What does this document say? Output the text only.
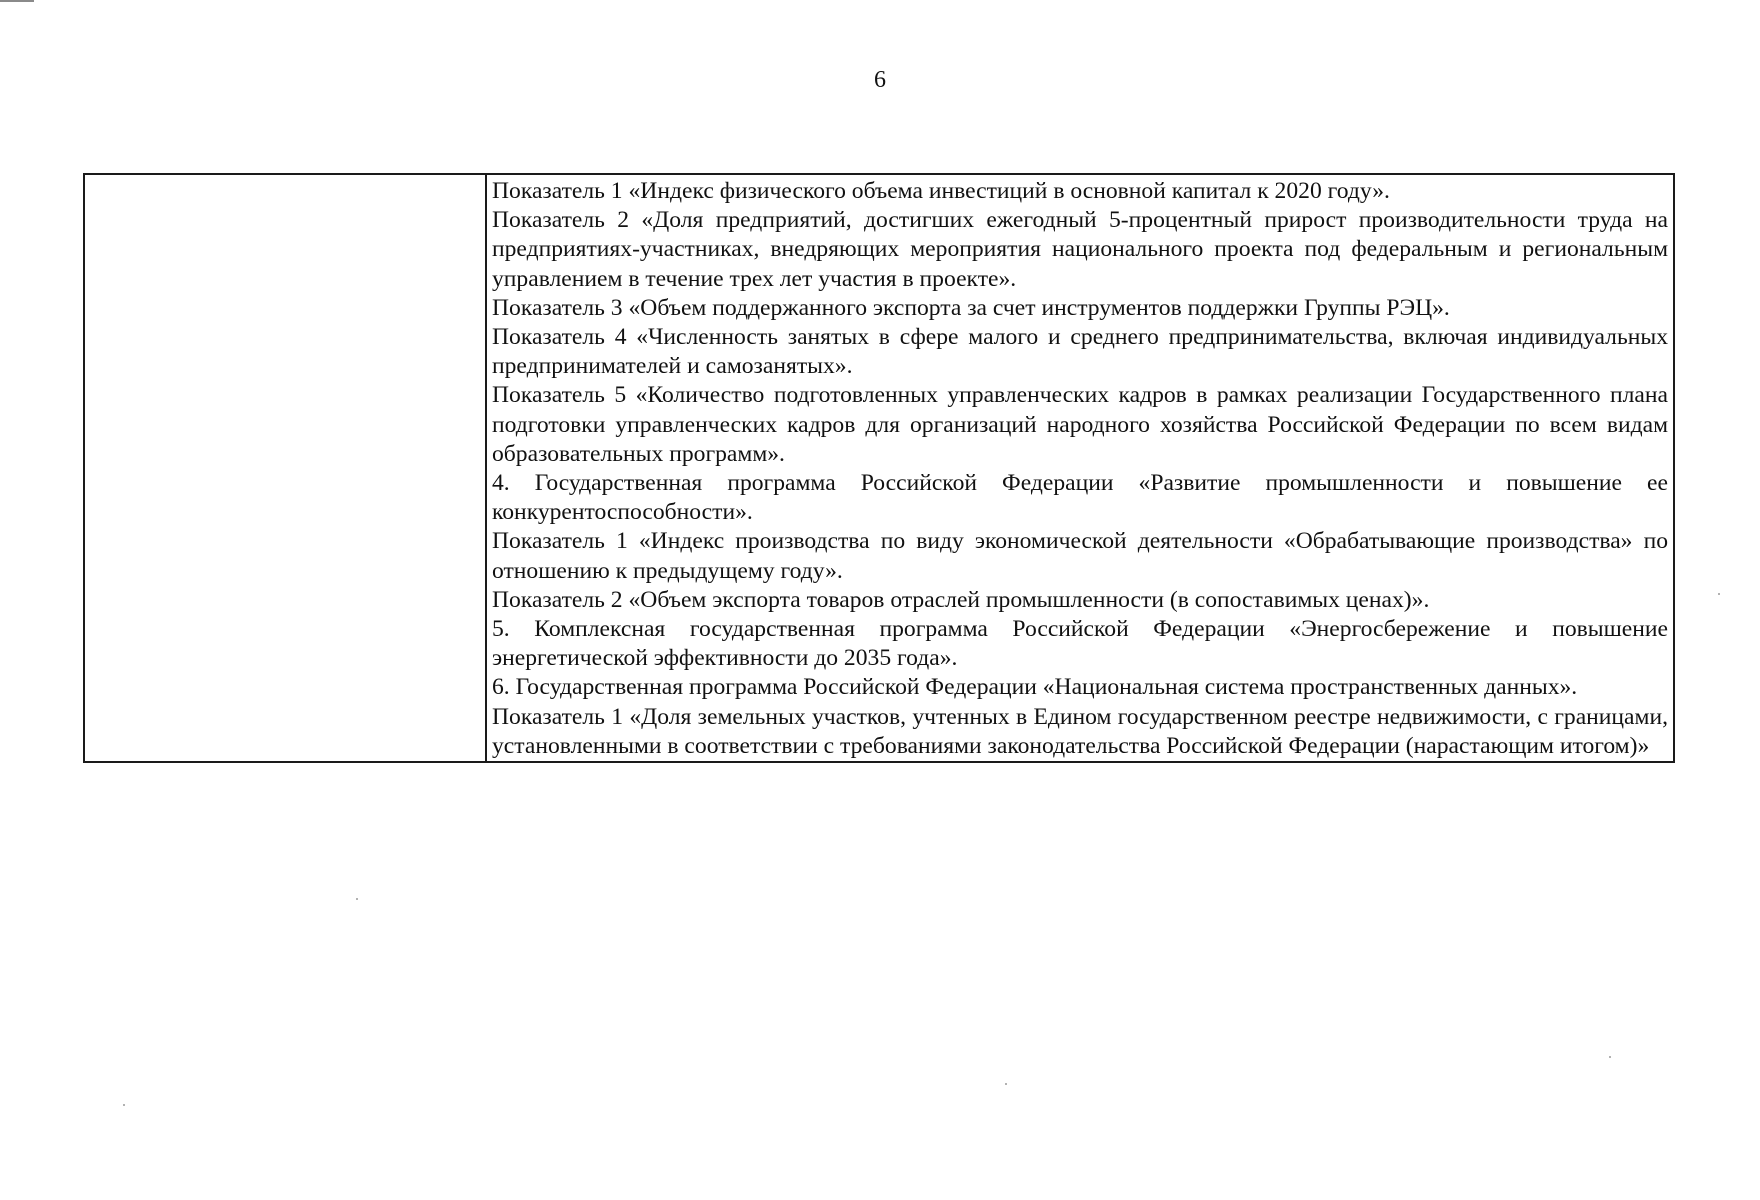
6

Показатель 1 «Индекс физического объема инвестиций в основной капитал к 2020 году».

Показатель 2 «Доля предприятий, достигших ежегодный 5-процентный прирост производительности труда на предприятиях-участниках, внедряющих мероприятия национального проекта под федеральным и региональным управлением в течение трех лет участия в проекте».

Показатель 3 «Объем поддержанного экспорта за счет инструментов поддержки Группы РЭЦ».

Показатель 4 «Численность занятых в сфере малого и среднего предпринимательства, включая индивидуальных предпринимателей и самозанятых».

Показатель 5 «Количество подготовленных управленческих кадров в рамках реализации Государственного плана подготовки управленческих кадров для организаций народного хозяйства Российской Федерации по всем видам образовательных программ».

4. Государственная программа Российской Федерации «Развитие промышленности и повышение ее конкурентоспособности».

Показатель 1 «Индекс производства по виду экономической деятельности «Обрабатывающие производства» по отношению к предыдущему году».

Показатель 2 «Объем экспорта товаров отраслей промышленности (в сопоставимых ценах)».

5. Комплексная государственная программа Российской Федерации «Энергосбережение и повышение энергетической эффективности до 2035 года».

6. Государственная программа Российской Федерации «Национальная система пространственных данных».

Показатель 1 «Доля земельных участков, учтенных в Едином государственном реестре недвижимости, с границами, установленными в соответствии с требованиями законодательства Российской Федерации (нарастающим итогом)»
